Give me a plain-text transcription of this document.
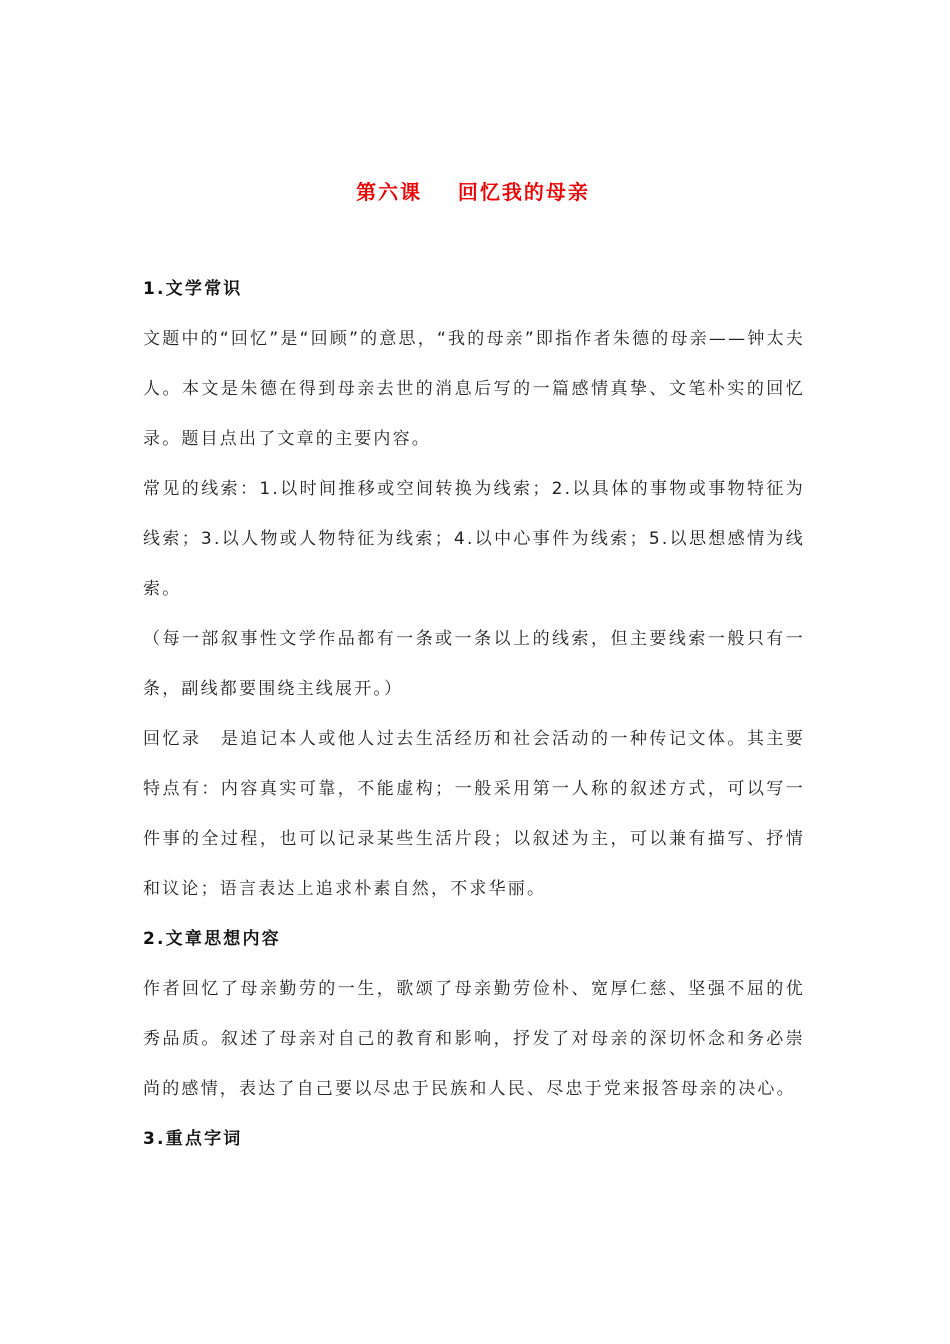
第六课    回忆我的母亲
1.文学常识

文题中的“回忆”是“回顾”的意思，“我的母亲”即指作者朱德的母亲——钟太夫人。本文是朱德在得到母亲去世的消息后写的一篇感情真挚、文笔朴实的回忆录。题目点出了文章的主要内容。

常见的线索：1.以时间推移或空间转换为线索；2.以具体的事物或事物特征为线索；3.以人物或人物特征为线索；4.以中心事件为线索；5.以思想感情为线索。

（每一部叙事性文学作品都有一条或一条以上的线索，但主要线索一般只有一条，副线都要围绕主线展开。）

回忆录　是追记本人或他人过去生活经历和社会活动的一种传记文体。其主要特点有：内容真实可靠，不能虚构；一般采用第一人称的叙述方式，可以写一件事的全过程，也可以记录某些生活片段；以叙述为主，可以兼有描写、抒情和议论；语言表达上追求朴素自然，不求华丽。

2.文章思想内容

作者回忆了母亲勤劳的一生，歌颂了母亲勤劳俭朴、宽厚仁慈、坚强不屈的优秀品质。叙述了母亲对自己的教育和影响，抒发了对母亲的深切怀念和务必崇尚的感情，表达了自己要以尽忠于民族和人民、尽忠于党来报答母亲的决心。

3.重点字词
